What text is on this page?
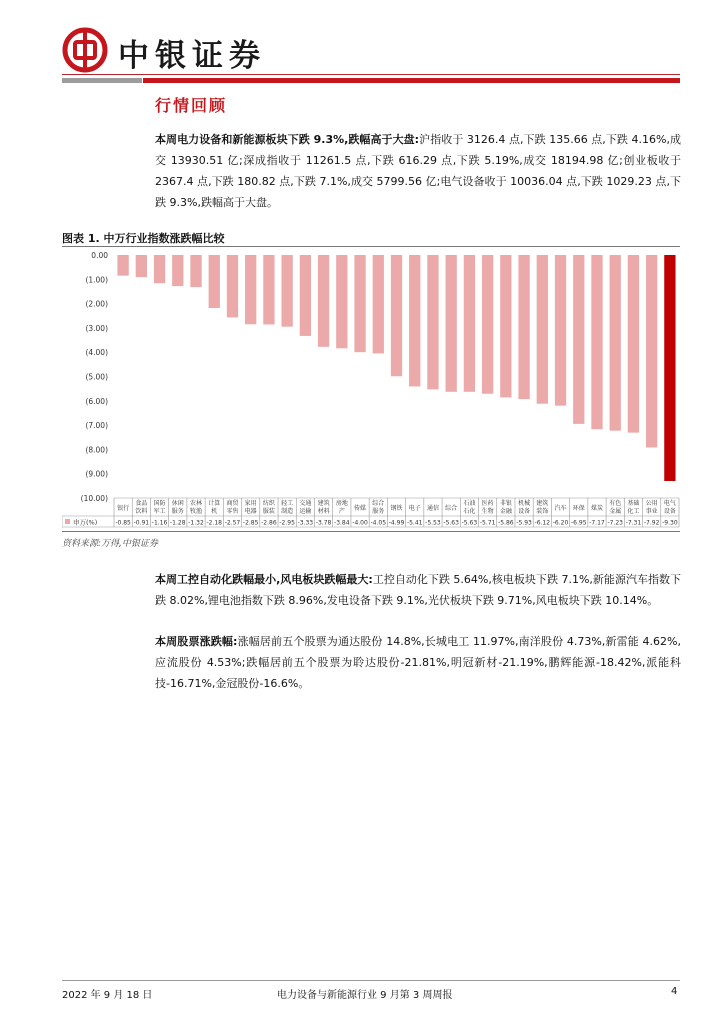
中银证券
行情回顾
本周电力设备和新能源板块下跌 9.3%,跌幅高于大盘:沪指收于 3126.4 点,下跌 135.66 点,下跌 4.16%,成交 13930.51 亿;深成指收于 11261.5 点,下跌 616.29 点,下跌 5.19%,成交 18194.98 亿;创业板收于 2367.4 点,下跌 180.82 点,下跌 7.1%,成交 5799.56 亿;电气设备收于 10036.04 点,下跌 1029.23 点,下跌 9.3%,跌幅高于大盘。
图表 1. 中万行业指数涨跌幅比较
0.00
(1.00)
(2.00)
(3.00)
(4.00)
(5.00)
(6.00)
(7.00)
(8.00)
(9.00)
(10.00)
申万(%)
银行
-0.85
食品
饮料
-0.91
国防
军工
-1.16
休闲
服务
-1.28
农林
牧渔
-1.32
计算
机
-2.18
商贸
零售
-2.57
家用
电器
-2.85
纺织
服装
-2.86
轻工
制造
-2.95
交通
运输
-3.33
建筑
材料
-3.78
房地
产
-3.84
传媒
-4.00
综合
服务
-4.05
钢铁
-4.99
电子
-5.41
通信
-5.53
综合
-5.63
石油
石化
-5.63
医药
生物
-5.71
非银
金融
-5.86
机械
设备
-5.93
建筑
装饰
-6.12
汽车
-6.20
环保
-6.95
煤炭
-7.17
有色
金属
-7.23
基础
化工
-7.31
公用
事业
-7.92
电气
设备
-9.30
资料来源:万得,中银证券
本周工控自动化跌幅最小,风电板块跌幅最大:工控自动化下跌 5.64%,核电板块下跌 7.1%,新能源汽车指数下跌 8.02%,锂电池指数下跌 8.96%,发电设备下跌 9.1%,光伏板块下跌 9.71%,风电板块下跌 10.14%。
本周股票涨跌幅:涨幅居前五个股票为通达股份 14.8%,长城电工 11.97%,南洋股份 4.73%,新雷能 4.62%,应流股份 4.53%;跌幅居前五个股票为聆达股份-21.81%,明冠新材-21.19%,鹏辉能源-18.42%,派能科技-16.71%,金冠股份-16.6%。
2022 年 9 月 18 日	电力设备与新能源行业 9 月第 3 周周报	4
